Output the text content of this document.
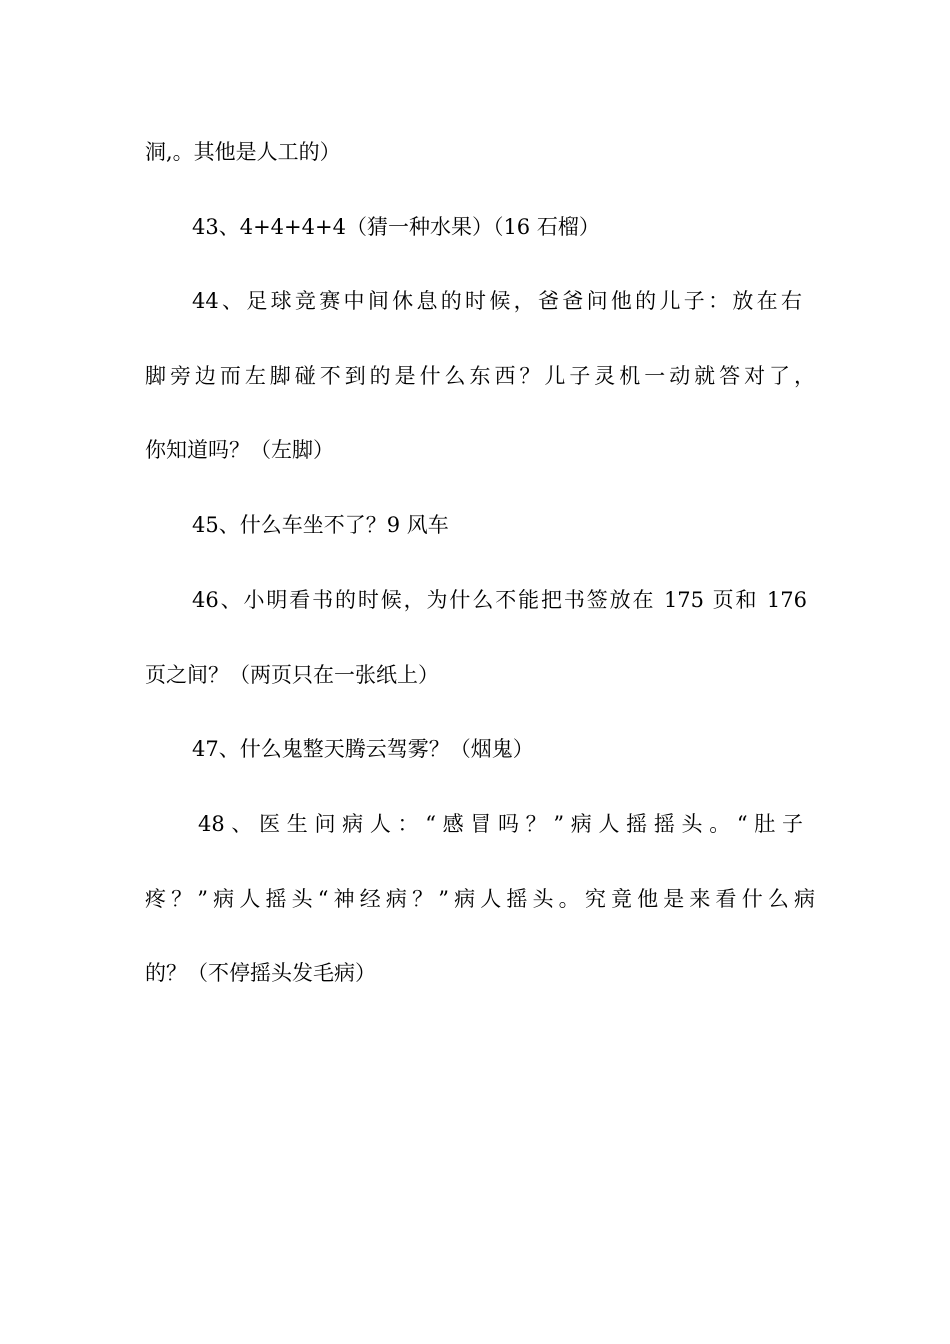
洞,。其他是人工的）
43、4+4+4+4（猜一种水果）（16 石榴）
44、足球竞赛中间休息的时候，爸爸问他的儿子：放在右
脚旁边而左脚碰不到的是什么东西？儿子灵机一动就答对了，
你知道吗？（左脚）
45、什么车坐不了？9 风车
46、小明看书的时候，为什么不能把书签放在 175 页和 176
页之间？（两页只在一张纸上）
47、什么鬼整天腾云驾雾？（烟鬼）
48、医生问病人：“感冒吗？”病人摇摇头。“肚子
疼？”病人摇头“神经病？”病人摇头。究竟他是来看什么病
的？（不停摇头发毛病）
